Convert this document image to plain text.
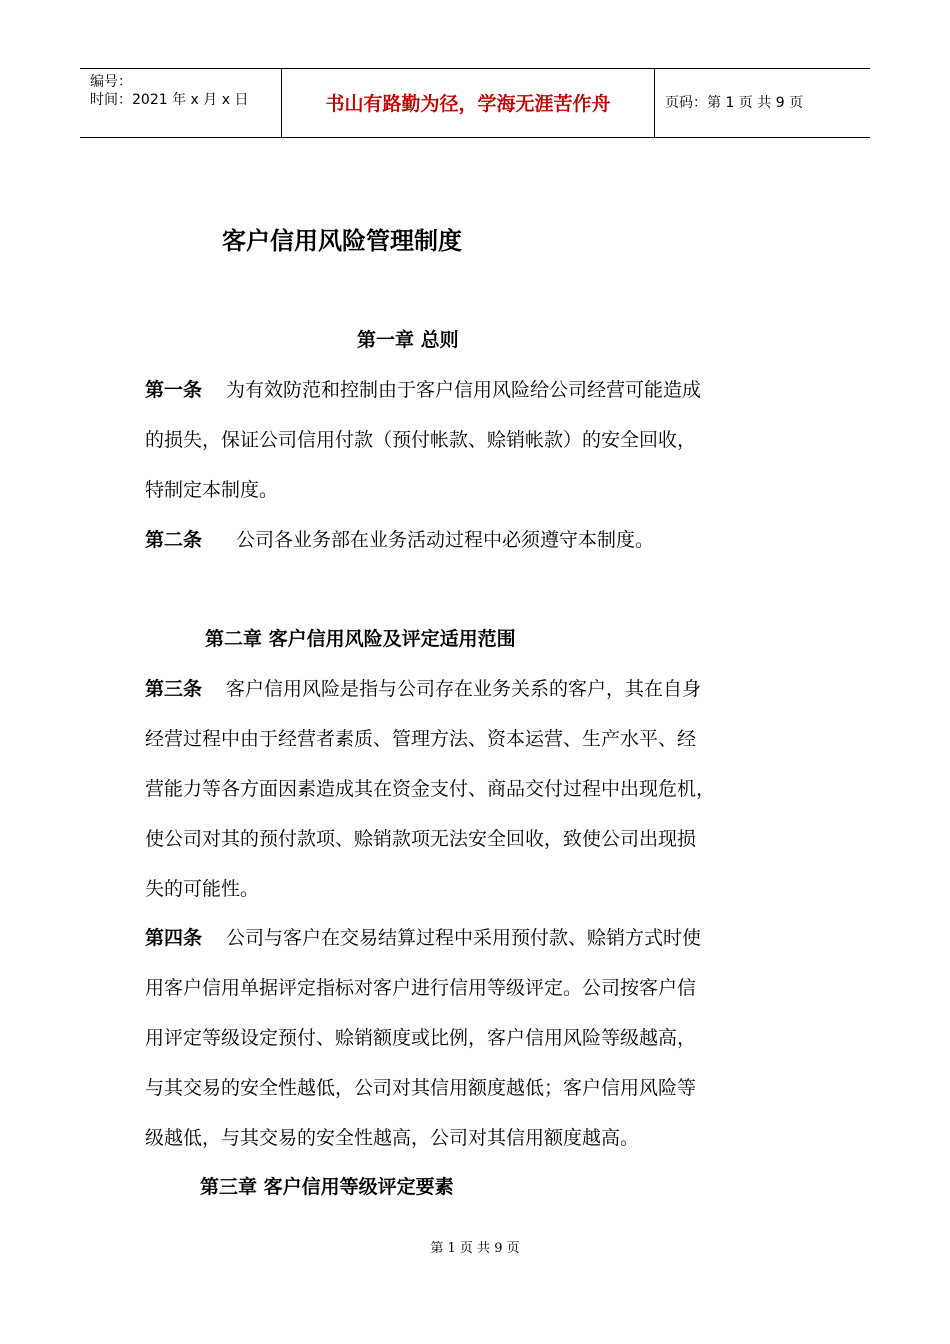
编号：
时间：2021 年 x 月 x 日	书山有路勤为径，学海无涯苦作舟	页码：第 1 页 共 9 页
客户信用风险管理制度
第一章 总则
第一条 为有效防范和控制由于客户信用风险给公司经营可能造成
的损失，保证公司信用付款（预付帐款、赊销帐款）的安全回收，
特制定本制度。
第二条 公司各业务部在业务活动过程中必须遵守本制度。
第二章 客户信用风险及评定适用范围
第三条 客户信用风险是指与公司存在业务关系的客户，其在自身
经营过程中由于经营者素质、管理方法、资本运营、生产水平、经
营能力等各方面因素造成其在资金支付、商品交付过程中出现危机，
使公司对其的预付款项、赊销款项无法安全回收，致使公司出现损
失的可能性。
第四条 公司与客户在交易结算过程中采用预付款、赊销方式时使
用客户信用单据评定指标对客户进行信用等级评定。公司按客户信
用评定等级设定预付、赊销额度或比例，客户信用风险等级越高，
与其交易的安全性越低，公司对其信用额度越低；客户信用风险等
级越低，与其交易的安全性越高，公司对其信用额度越高。
第三章 客户信用等级评定要素
第 1 页 共 9 页
